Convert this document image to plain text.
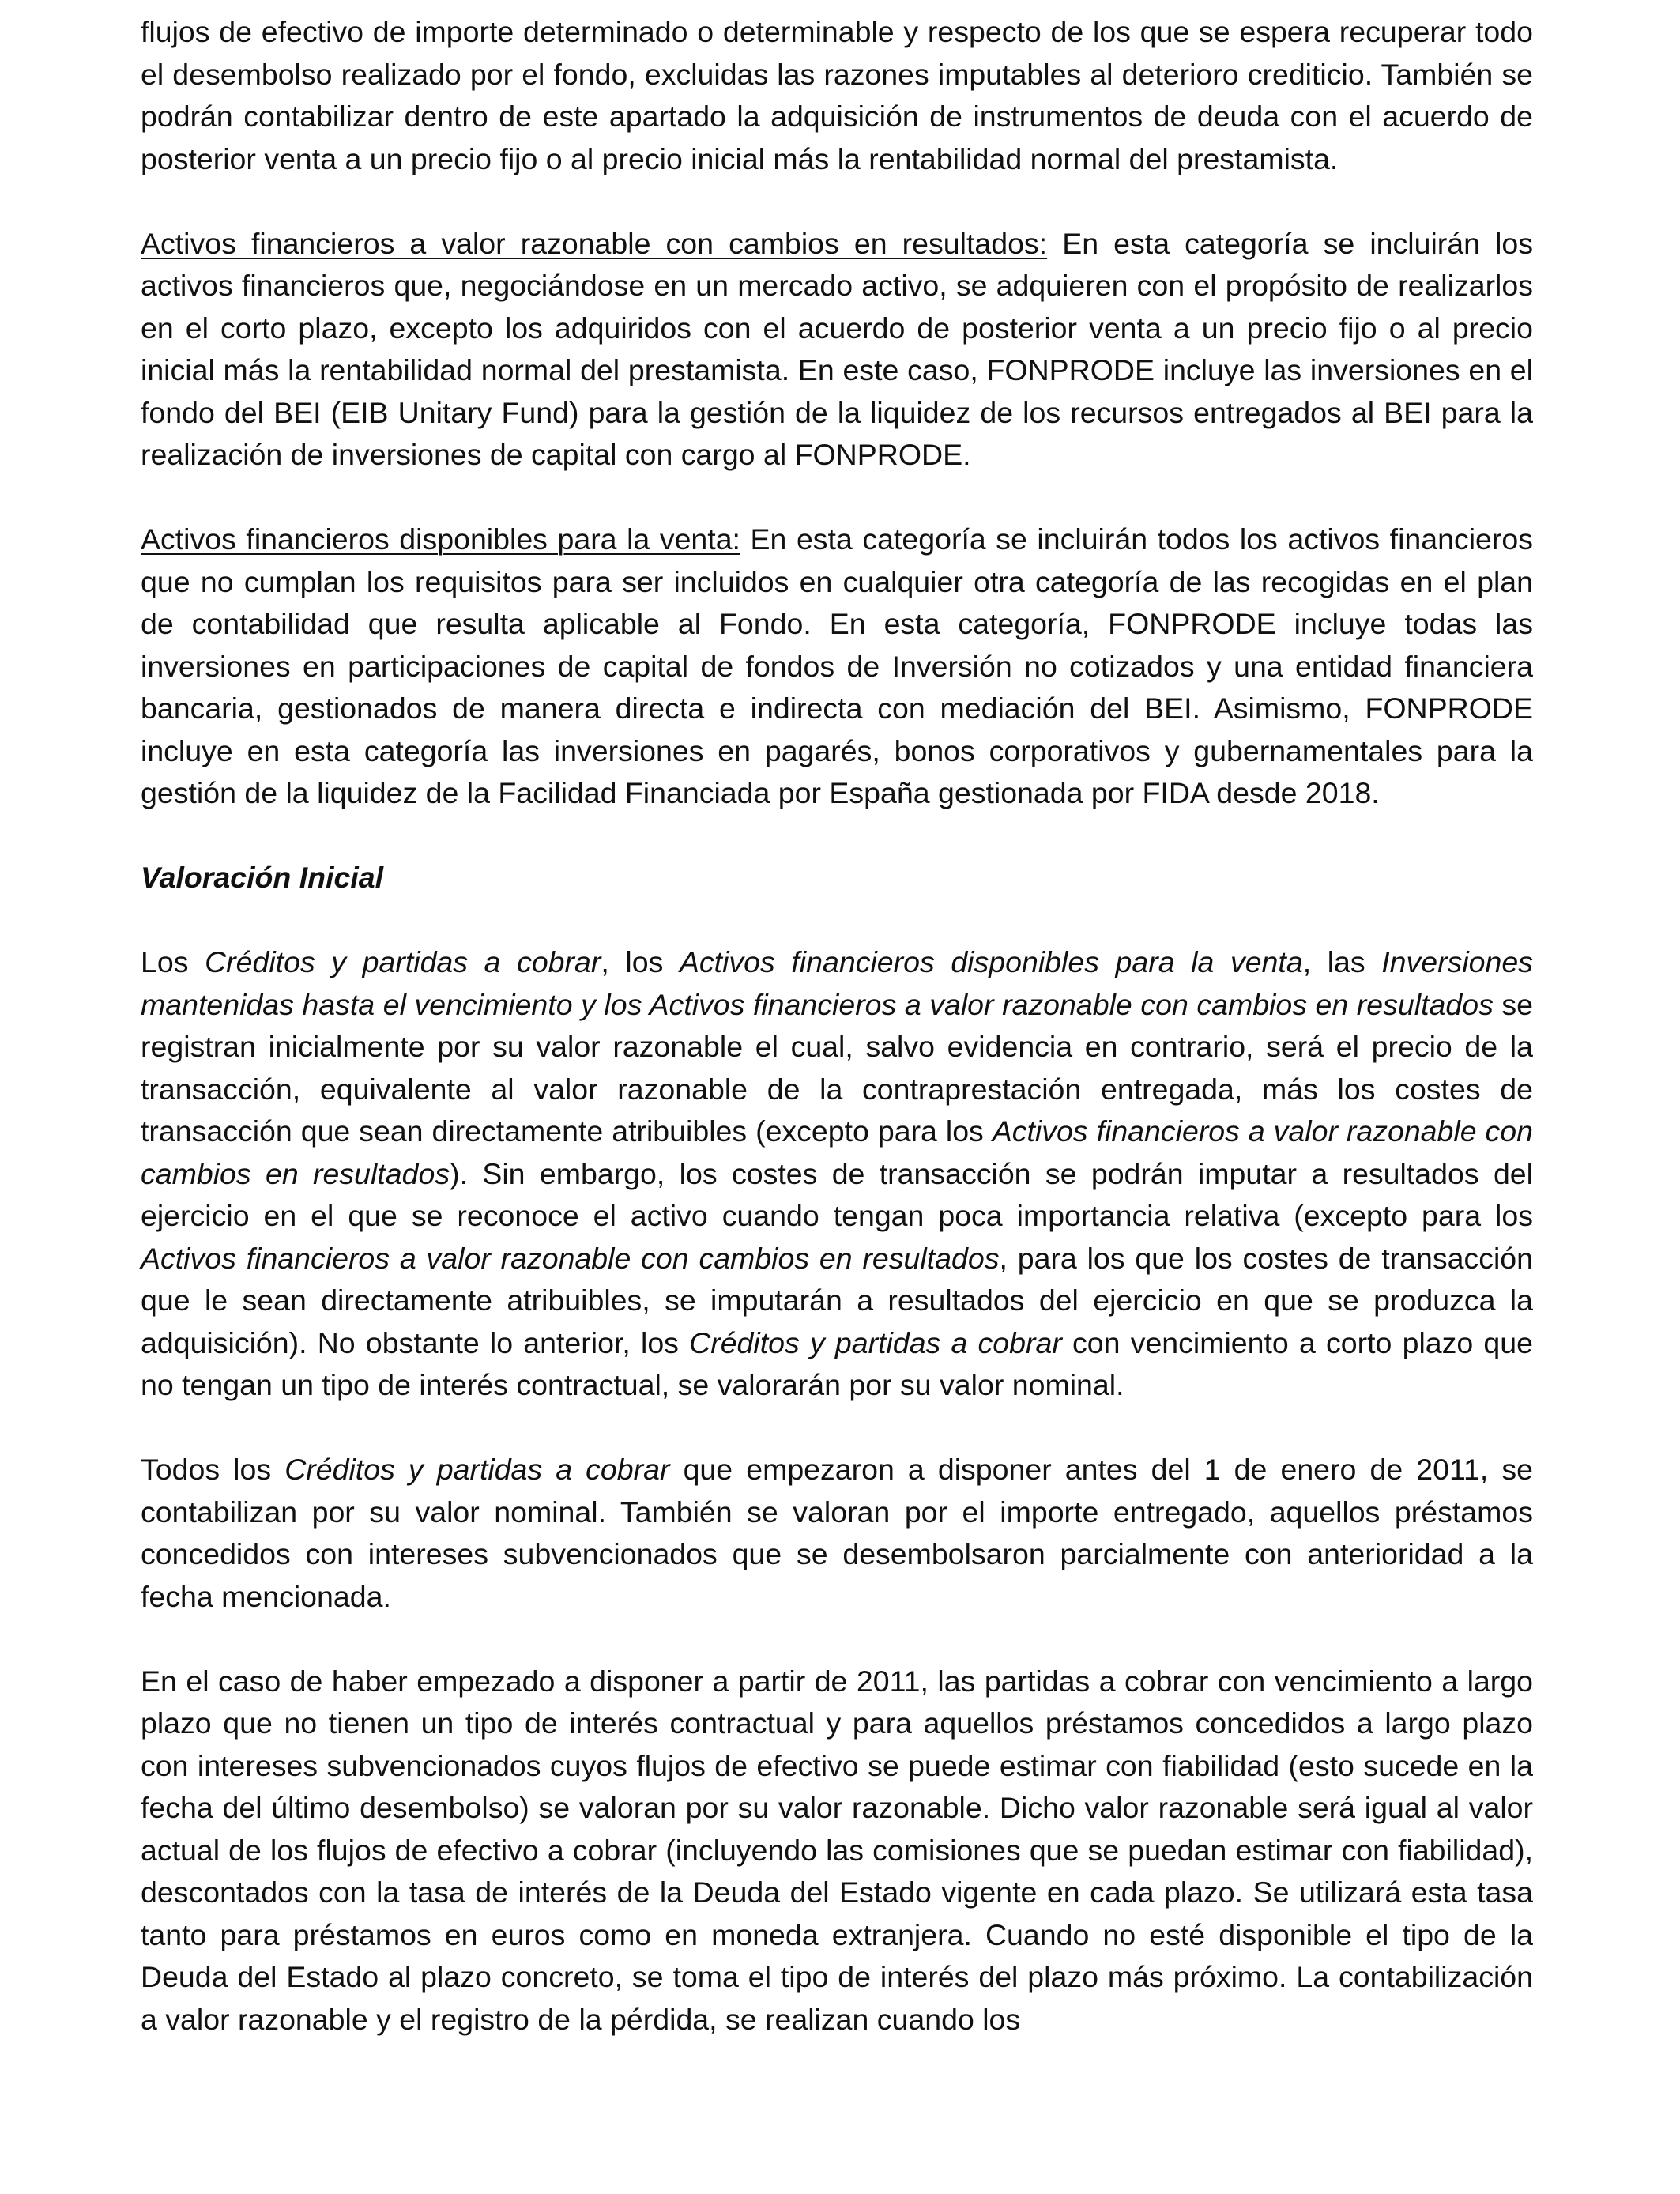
flujos de efectivo de importe determinado o determinable y respecto de los que se espera recuperar todo el desembolso realizado por el fondo, excluidas las razones imputables al deterioro crediticio. También se podrán contabilizar dentro de este apartado la adquisición de instrumentos de deuda con el acuerdo de posterior venta a un precio fijo o al precio inicial más la rentabilidad normal del prestamista.

Activos financieros a valor razonable con cambios en resultados: En esta categoría se incluirán los activos financieros que, negociándose en un mercado activo, se adquieren con el propósito de realizarlos en el corto plazo, excepto los adquiridos con el acuerdo de posterior venta a un precio fijo o al precio inicial más la rentabilidad normal del prestamista. En este caso, FONPRODE incluye las inversiones en el fondo del BEI (EIB Unitary Fund) para la gestión de la liquidez de los recursos entregados al BEI para la realización de inversiones de capital con cargo al FONPRODE.

Activos financieros disponibles para la venta: En esta categoría se incluirán todos los activos financieros que no cumplan los requisitos para ser incluidos en cualquier otra categoría de las recogidas en el plan de contabilidad que resulta aplicable al Fondo. En esta categoría, FONPRODE incluye todas las inversiones en participaciones de capital de fondos de Inversión no cotizados y una entidad financiera bancaria, gestionados de manera directa e indirecta con mediación del BEI. Asimismo, FONPRODE incluye en esta categoría las inversiones en pagarés, bonos corporativos y gubernamentales para la gestión de la liquidez de la Facilidad Financiada por España gestionada por FIDA desde 2018.

Valoración Inicial

Los Créditos y partidas a cobrar, los Activos financieros disponibles para la venta, las Inversiones mantenidas hasta el vencimiento y los Activos financieros a valor razonable con cambios en resultados se registran inicialmente por su valor razonable el cual, salvo evidencia en contrario, será el precio de la transacción, equivalente al valor razonable de la contraprestación entregada, más los costes de transacción que sean directamente atribuibles (excepto para los Activos financieros a valor razonable con cambios en resultados). Sin embargo, los costes de transacción se podrán imputar a resultados del ejercicio en el que se reconoce el activo cuando tengan poca importancia relativa (excepto para los Activos financieros a valor razonable con cambios en resultados, para los que los costes de transacción que le sean directamente atribuibles, se imputarán a resultados del ejercicio en que se produzca la adquisición). No obstante lo anterior, los Créditos y partidas a cobrar con vencimiento a corto plazo que no tengan un tipo de interés contractual, se valorarán por su valor nominal.

Todos los Créditos y partidas a cobrar que empezaron a disponer antes del 1 de enero de 2011, se contabilizan por su valor nominal. También se valoran por el importe entregado, aquellos préstamos concedidos con intereses subvencionados que se desembolsaron parcialmente con anterioridad a la fecha mencionada.

En el caso de haber empezado a disponer a partir de 2011, las partidas a cobrar con vencimiento a largo plazo que no tienen un tipo de interés contractual y para aquellos préstamos concedidos a largo plazo con intereses subvencionados cuyos flujos de efectivo se puede estimar con fiabilidad (esto sucede en la fecha del último desembolso) se valoran por su valor razonable. Dicho valor razonable será igual al valor actual de los flujos de efectivo a cobrar (incluyendo las comisiones que se puedan estimar con fiabilidad), descontados con la tasa de interés de la Deuda del Estado vigente en cada plazo. Se utilizará esta tasa tanto para préstamos en euros como en moneda extranjera. Cuando no esté disponible el tipo de la Deuda del Estado al plazo concreto, se toma el tipo de interés del plazo más próximo. La contabilización a valor razonable y el registro de la pérdida, se realizan cuando los
